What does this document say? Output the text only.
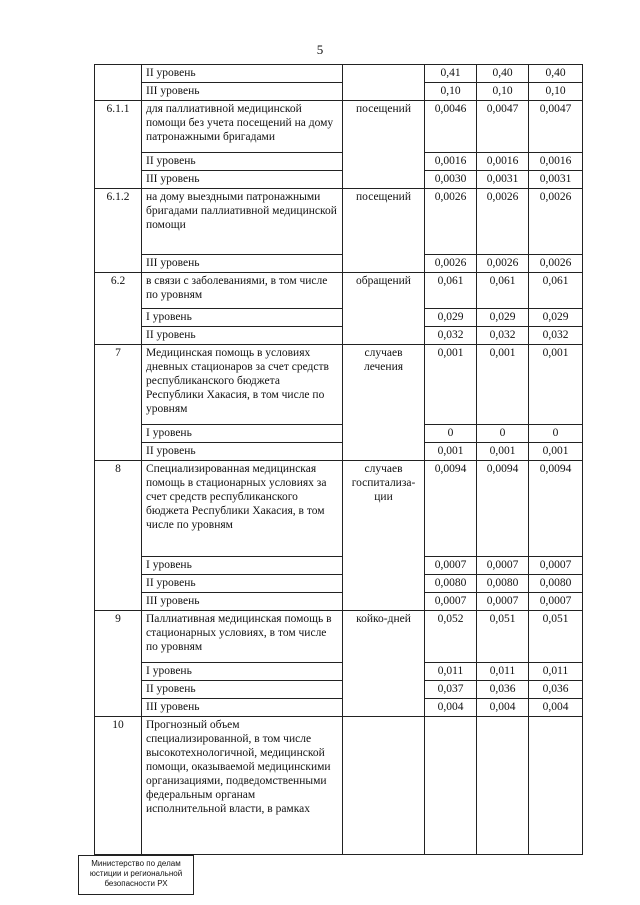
5
	II уровень		0,41	0,40	0,40
	III уровень		0,10	0,10	0,10
6.1.1	для паллиативной медицинской помощи без учета посещений на дому патронажными бригадами	посещений	0,0046	0,0047	0,0047
	II уровень		0,0016	0,0016	0,0016
	III уровень		0,0030	0,0031	0,0031
6.1.2	на дому выездными патронажными бригадами паллиативной медицинской помощи	посещений	0,0026	0,0026	0,0026
	III уровень		0,0026	0,0026	0,0026
6.2	в связи с заболеваниями, в том числе по уровням	обращений	0,061	0,061	0,061
	I уровень		0,029	0,029	0,029
	II уровень		0,032	0,032	0,032
7	Медицинская помощь в условиях дневных стационаров за счет средств республиканского бюджета Республики Хакасия, в том числе по уровням	случаев лечения	0,001	0,001	0,001
	I уровень		0	0	0
	II уровень		0,001	0,001	0,001
8	Специализированная медицинская помощь в стационарных условиях за счет средств республиканского бюджета Республики Хакасия, в том числе по уровням	случаев госпитализа-ции	0,0094	0,0094	0,0094
	I уровень		0,0007	0,0007	0,0007
	II уровень		0,0080	0,0080	0,0080
	III уровень		0,0007	0,0007	0,0007
9	Паллиативная медицинская помощь в стационарных условиях, в том числе по уровням	койко-дней	0,052	0,051	0,051
	I уровень		0,011	0,011	0,011
	II уровень		0,037	0,036	0,036
	III уровень		0,004	0,004	0,004
10	Прогнозный объем специализированной, в том числе высокотехнологичной, медицинской помощи, оказываемой медицинскими организациями, подведомственными федеральным органам исполнительной власти, в рамках				
Министерство по делам
юстиции и региональной
безопасности РХ
